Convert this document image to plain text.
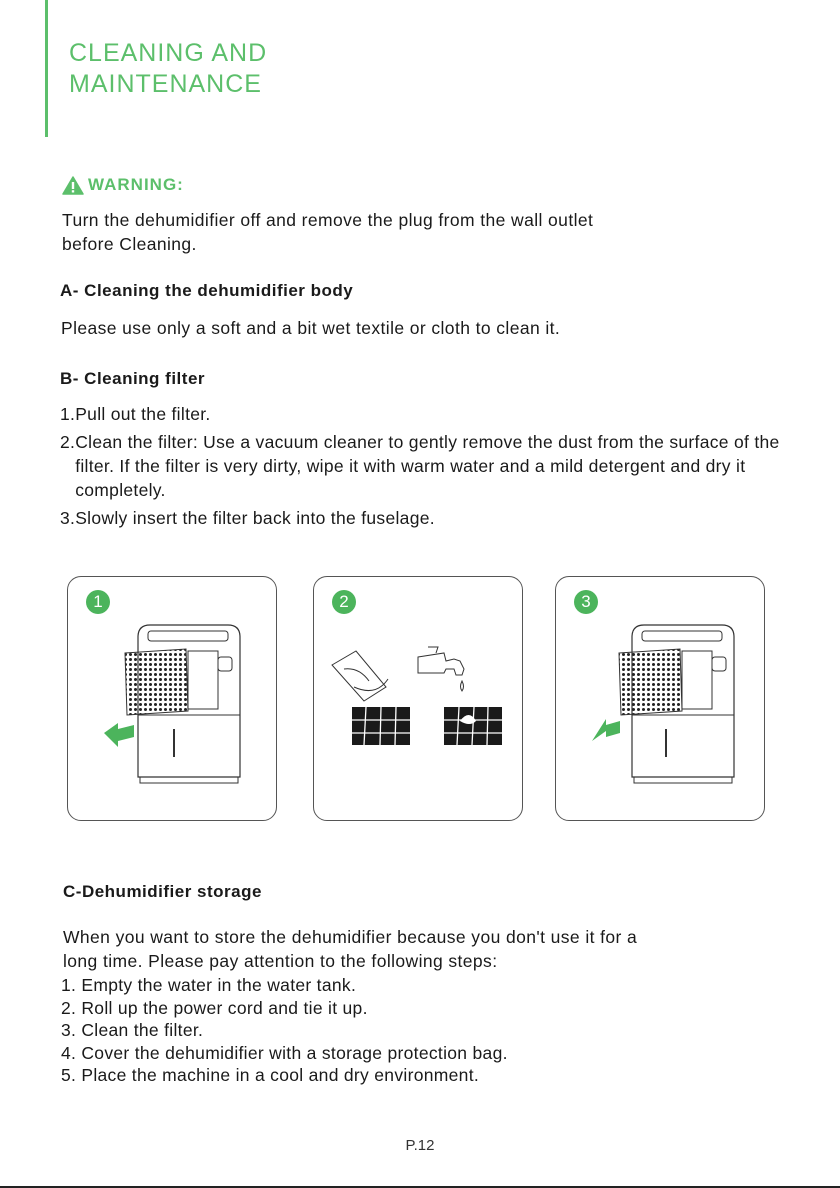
CLEANING AND
MAINTENANCE
WARNING:
Turn the dehumidifier off and remove the plug from the wall outlet
before Cleaning.
A- Cleaning the dehumidifier body
Please use only a soft and a bit wet textile or cloth to clean it.
B- Cleaning filter
1. Pull out the filter.
2. Clean the filter: Use a vacuum cleaner to gently remove the dust from the surface of the filter. If the filter is very dirty, wipe it with warm water and a mild detergent and dry it completely.
3. Slowly insert the filter back into the fuselage.
1	2	3
C-Dehumidifier storage
When you want to store the dehumidifier because you don't use it for a
long time. Please pay attention to the following steps:
1. Empty the water in the water tank.
2. Roll up the power cord and tie it up.
3. Clean the filter.
4. Cover the dehumidifier with a storage protection bag.
5. Place the machine in a cool and dry environment.
P.12
